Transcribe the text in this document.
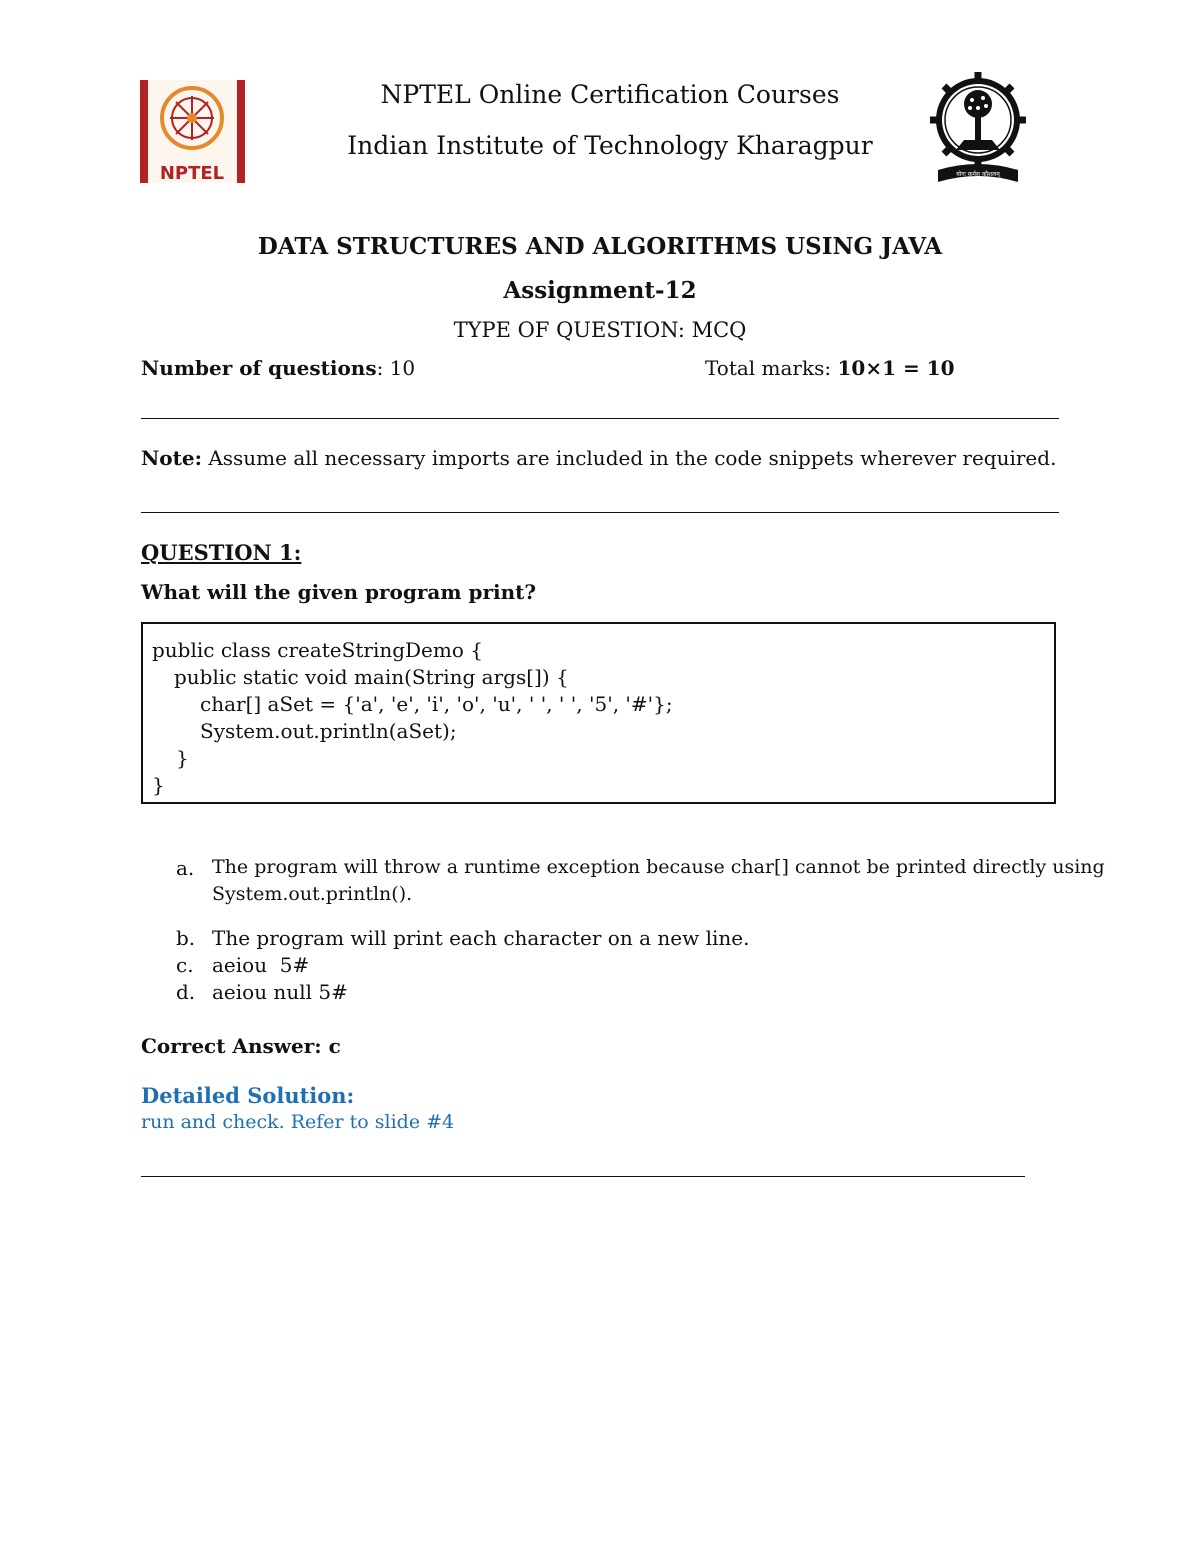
NPTEL	योगः कर्मसु कौशलम्
NPTEL Online Certification Courses
Indian Institute of Technology Kharagpur
DATA STRUCTURES AND ALGORITHMS USING JAVA
Assignment-12
TYPE OF QUESTION: MCQ
Number of questions: 10	Total marks: 10×1 = 10
Note: Assume all necessary imports are included in the code snippets wherever required.
QUESTION 1:
What will the given program print?
public class createStringDemo {
public static void main(String args[]) {
char[] aSet = {'a', 'e', 'i', 'o', 'u', ' ', ' ', '5', '#'};
System.out.println(aSet);
}
}
a. The program will throw a runtime exception because char[] cannot be printed directly using
System.out.println().
b. The program will print each character on a new line.
c. aeiou  5#
d. aeiou null 5#
Correct Answer: c
Detailed Solution:
run and check. Refer to slide #4
